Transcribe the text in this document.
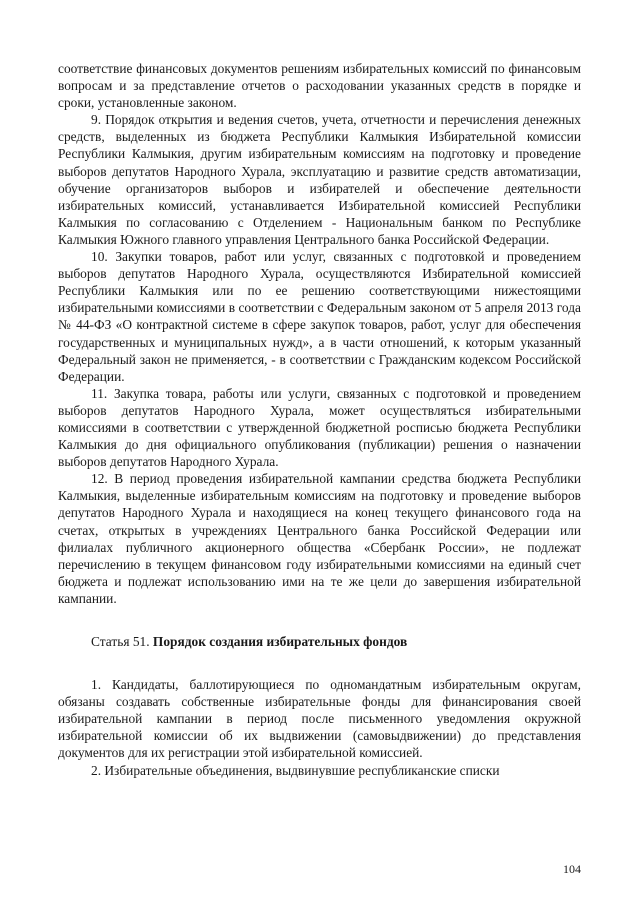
соответствие финансовых документов решениям избирательных комиссий по финансовым вопросам и за представление отчетов о расходовании указанных средств в порядке и сроки, установленные законом.

9. Порядок открытия и ведения счетов, учета, отчетности и перечисления денежных средств, выделенных из бюджета Республики Калмыкия Избирательной комиссии Республики Калмыкия, другим избирательным комиссиям на подготовку и проведение выборов депутатов Народного Хурала, эксплуатацию и развитие средств автоматизации, обучение организаторов выборов и избирателей и обеспечение деятельности избирательных комиссий, устанавливается Избирательной комиссией Республики Калмыкия по согласованию с Отделением - Национальным банком по Республике Калмыкия Южного главного управления Центрального банка Российской Федерации.

10. Закупки товаров, работ или услуг, связанных с подготовкой и проведением выборов депутатов Народного Хурала, осуществляются Избирательной комиссией Республики Калмыкия или по ее решению соответствующими нижестоящими избирательными комиссиями в соответствии с Федеральным законом от 5 апреля 2013 года № 44-ФЗ «О контрактной системе в сфере закупок товаров, работ, услуг для обеспечения государственных и муниципальных нужд», а в части отношений, к которым указанный Федеральный закон не применяется, - в соответствии с Гражданским кодексом Российской Федерации.

11. Закупка товара, работы или услуги, связанных с подготовкой и проведением выборов депутатов Народного Хурала, может осуществляться избирательными комиссиями в соответствии с утвержденной бюджетной росписью бюджета Республики Калмыкия до дня официального опубликования (публикации) решения о назначении выборов депутатов Народного Хурала.

12. В период проведения избирательной кампании средства бюджета Республики Калмыкия, выделенные избирательным комиссиям на подготовку и проведение выборов депутатов Народного Хурала и находящиеся на конец текущего финансового года на счетах, открытых в учреждениях Центрального банка Российской Федерации или филиалах публичного акционерного общества «Сбербанк России», не подлежат перечислению в текущем финансовом году избирательными комиссиями на единый счет бюджета и подлежат использованию ими на те же цели до завершения избирательной кампании.

Статья 51. Порядок создания избирательных фондов

1. Кандидаты, баллотирующиеся по одномандатным избирательным округам, обязаны создавать собственные избирательные фонды для финансирования своей избирательной кампании в период после письменного уведомления окружной избирательной комиссии об их выдвижении (самовыдвижении) до представления документов для их регистрации этой избирательной комиссией.

2. Избирательные объединения, выдвинувшие республиканские списки

104
